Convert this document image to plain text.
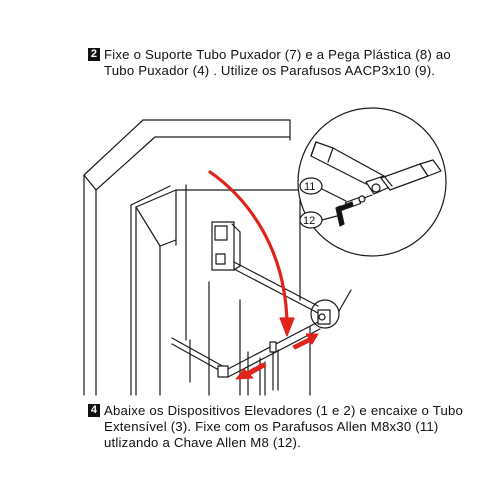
2 Fixe o Suporte Tubo Puxador (7) e a Pega Plástica (8) ao
Tubo Puxador (4) . Utilize os Parafusos AACP3x10 (9).
11
12
4 Abaixe os Dispositivos Elevadores (1 e 2) e encaixe o Tubo
Extensível (3). Fixe com os Parafusos Allen M8x30 (11)
utlizando a Chave Allen M8 (12).
